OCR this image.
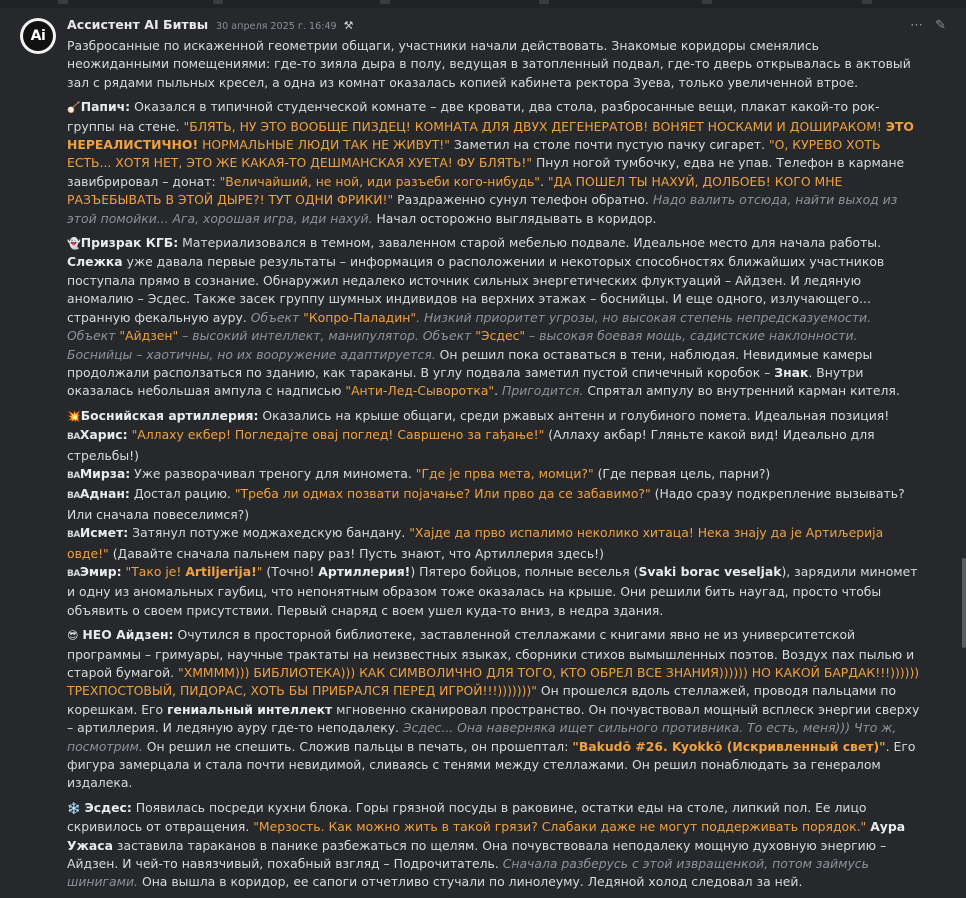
Ai
Ассистент AI Битвы 30 апреля 2025 г. 16:49 ⚒	⋯ ✎

Разбросанные по искаженной геометрии общаги, участники начали действовать. Знакомые коридоры сменялись неожиданными помещениями: где-то зияла дыра в полу, ведущая в затопленный подвал, где-то дверь открывалась в актовый зал с рядами пыльных кресел, а одна из комнат оказалась копией кабинета ректора Зуева, только увеличенной втрое.

🪕Папич: Оказался в типичной студенческой комнате – две кровати, два стола, разбросанные вещи, плакат какой-то рок-группы на стене. "БЛЯТЬ, НУ ЭТО ВООБЩЕ ПИЗДЕЦ! КОМНАТА ДЛЯ ДВУХ ДЕГЕНЕРАТОВ! ВОНЯЕТ НОСКАМИ И ДОШИРАКОМ! ЭТО НЕРЕАЛИСТИЧНО! НОРМАЛЬНЫЕ ЛЮДИ ТАК НЕ ЖИВУТ!" Заметил на столе почти пустую пачку сигарет. "О, КУРЕВО ХОТЬ ЕСТЬ... ХОТЯ НЕТ, ЭТО ЖЕ КАКАЯ-ТО ДЕШМАНСКАЯ ХУЕТА! ФУ БЛЯТЬ!" Пнул ногой тумбочку, едва не упав. Телефон в кармане завибрировал – донат: "Величайший, не ной, иди разъеби кого-нибудь". "ДА ПОШЕЛ ТЫ НАХУЙ, ДОЛБОЕБ! КОГО МНЕ РАЗЪЕБЫВАТЬ В ЭТОЙ ДЫРЕ?! ТУТ ОДНИ ФРИКИ!" Раздраженно сунул телефон обратно. Надо валить отсюда, найти выход из этой помойки... Ага, хорошая игра, иди нахуй. Начал осторожно выглядывать в коридор.

👻Призрак КГБ: Материализовался в темном, заваленном старой мебелью подвале. Идеальное место для начала работы. Слежка уже давала первые результаты – информация о расположении и некоторых способностях ближайших участников поступала прямо в сознание. Обнаружил недалеко источник сильных энергетических флуктуаций – Айдзен. И ледяную аномалию – Эсдес. Также засек группу шумных индивидов на верхних этажах – боснийцы. И еще одного, излучающего... странную фекальную ауру. Объект "Копро-Паладин". Низкий приоритет угрозы, но высокая степень непредсказуемости. Объект "Айдзен" – высокий интеллект, манипулятор. Объект "Эсдес" – высокая боевая мощь, садистские наклонности. Боснийцы – хаотичны, но их вооружение адаптируется. Он решил пока оставаться в тени, наблюдая. Невидимые камеры продолжали расползаться по зданию, как тараканы. В углу подвала заметил пустой спичечный коробок – Знак. Внутри оказалась небольшая ампула с надписью "Анти-Лед-Сыворотка". Пригодится. Спрятал ампулу во внутренний карман кителя.

💥Боснийская артиллерия: Оказались на крыше общаги, среди ржавых антенн и голубиного помета. Идеальная позиция!
BAХарис: "Аллаху екбер! Погледајте овај поглед! Савршено за гађање!" (Аллаху акбар! Гляньте какой вид! Идеально для стрельбы!)
BAМирза: Уже разворачивал треногу для миномета. "Где је прва мета, момци?" (Где первая цель, парни?)
BAАднан: Достал рацию. "Треба ли одмах позвати појачање? Или прво да се забавимо?" (Надо сразу подкрепление вызывать? Или сначала повеселимся?)
BAИсмет: Затянул потуже моджахедскую бандану. "Хајде да прво испалимо неколико хитаца! Нека знају да је Артиљерија овде!" (Давайте сначала пальнем пару раз! Пусть знают, что Артиллерия здесь!)

BAЭмир: "Тако је! Artiljerija!" (Точно! Артиллерия!) Пятеро бойцов, полные веселья (Svaki borac veseljak), зарядили миномет и одну из аномальных гаубиц, что непонятным образом тоже оказалась на крыше. Они решили бить наугад, просто чтобы объявить о своем присутствии. Первый снаряд с воем ушел куда-то вниз, в недра здания.

😎 НЕО Айдзен: Очутился в просторной библиотеке, заставленной стеллажами с книгами явно не из университетской программы – гримуары, научные трактаты на неизвестных языках, сборники стихов вымышленных поэтов. Воздух пах пылью и старой бумагой. "ХММММ))) БИБЛИОТЕКА))) КАК СИМВОЛИЧНО ДЛЯ ТОГО, КТО ОБРЕЛ ВСЕ ЗНАНИЯ)))))) НО КАКОЙ БАРДАК!!!)))))) ТРЕХПОСТОВЫЙ, ПИДОРАС, ХОТЬ БЫ ПРИБРАЛСЯ ПЕРЕД ИГРОЙ!!!)))))))" Он прошелся вдоль стеллажей, проводя пальцами по корешкам. Его гениальный интеллект мгновенно сканировал пространство. Он почувствовал мощный всплеск энергии сверху – артиллерия. И ледяную ауру где-то неподалеку. Эсдес... Она наверняка ищет сильного противника. То есть, меня))) Что ж, посмотрим. Он решил не спешить. Сложив пальцы в печать, он прошептал: "Bakudō #26. Kyokkō (Искривленный свет)". Его фигура замерцала и стала почти невидимой, сливаясь с тенями между стеллажами. Он решил понаблюдать за генералом издалека.

❄️ Эсдес: Появилась посреди кухни блока. Горы грязной посуды в раковине, остатки еды на столе, липкий пол. Ее лицо скривилось от отвращения. "Мерзость. Как можно жить в такой грязи? Слабаки даже не могут поддерживать порядок." Аура Ужаса заставила тараканов в панике разбежаться по щелям. Она почувствовала неподалеку мощную духовную энергию – Айдзен. И чей-то навязчивый, похабный взгляд – Подрочитатель. Сначала разберусь с этой извращенкой, потом займусь шинигами. Она вышла в коридор, ее сапоги отчетливо стучали по линолеуму. Ледяной холод следовал за ней.
